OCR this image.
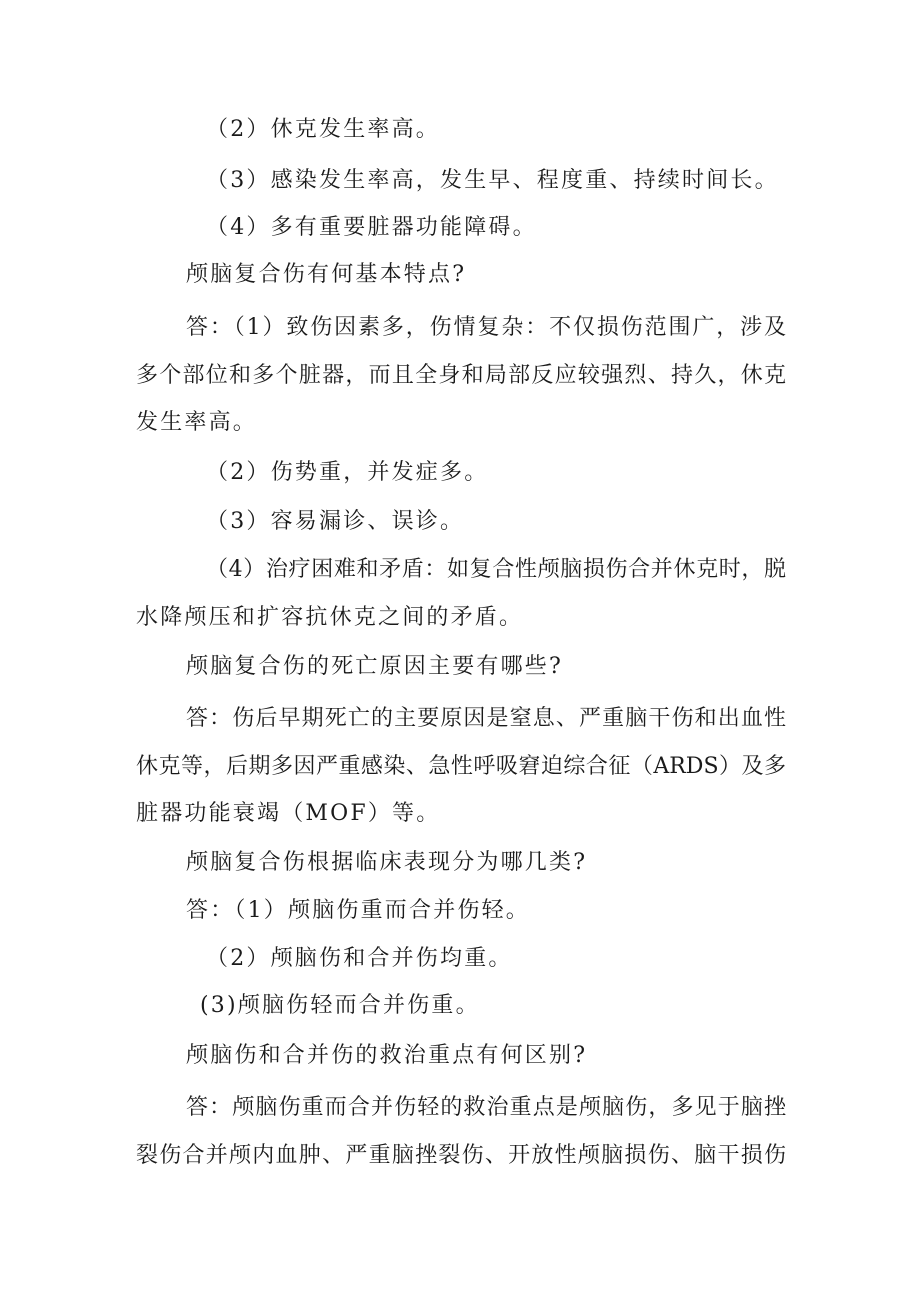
（2）休克发生率高。
（3）感染发生率高，发生早、程度重、持续时间长。
（4）多有重要脏器功能障碍。
颅脑复合伤有何基本特点?
答：（1）致伤因素多，伤情复杂：不仅损伤范围广，涉及
多个部位和多个脏器，而且全身和局部反应较强烈、持久，休克
发生率高。
（2）伤势重，并发症多。
（3）容易漏诊、误诊。
（4）治疗困难和矛盾：如复合性颅脑损伤合并休克时，脱
水降颅压和扩容抗休克之间的矛盾。
颅脑复合伤的死亡原因主要有哪些?
答：伤后早期死亡的主要原因是窒息、严重脑干伤和出血性
休克等，后期多因严重感染、急性呼吸窘迫综合征（ARDS）及多
脏器功能衰竭（MOF）等。
颅脑复合伤根据临床表现分为哪几类?
答：（1）颅脑伤重而合并伤轻。
（2）颅脑伤和合并伤均重。
(3)颅脑伤轻而合并伤重。
颅脑伤和合并伤的救治重点有何区别?
答：颅脑伤重而合并伤轻的救治重点是颅脑伤，多见于脑挫
裂伤合并颅内血肿、严重脑挫裂伤、开放性颅脑损伤、脑干损伤
